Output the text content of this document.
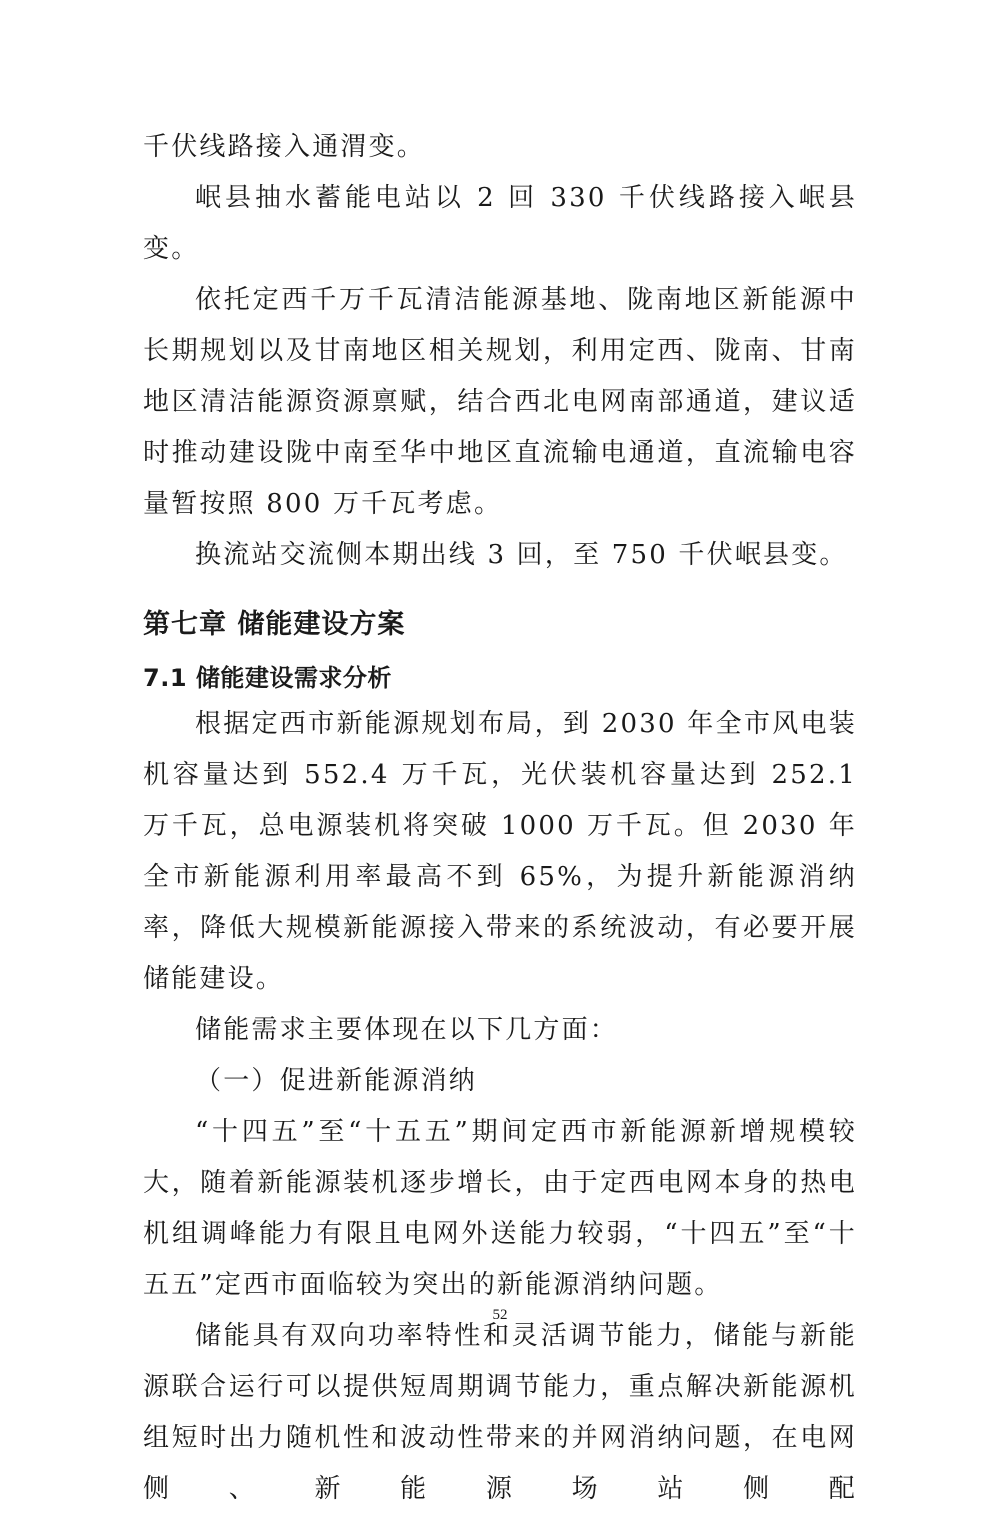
千伏线路接入通渭变。

岷县抽水蓄能电站以 2 回 330 千伏线路接入岷县变。

依托定西千万千瓦清洁能源基地、陇南地区新能源中长期规划以及甘南地区相关规划，利用定西、陇南、甘南地区清洁能源资源禀赋，结合西北电网南部通道，建议适时推动建设陇中南至华中地区直流输电通道，直流输电容量暂按照 800 万千瓦考虑。

换流站交流侧本期出线 3 回，至 750 千伏岷县变。

第七章 储能建设方案
7.1 储能建设需求分析

根据定西市新能源规划布局，到 2030 年全市风电装机容量达到 552.4 万千瓦，光伏装机容量达到 252.1 万千瓦，总电源装机将突破 1000 万千瓦。但 2030 年全市新能源利用率最高不到 65%，为提升新能源消纳率，降低大规模新能源接入带来的系统波动，有必要开展储能建设。

储能需求主要体现在以下几方面：

（一）促进新能源消纳

“十四五”至“十五五”期间定西市新能源新增规模较大，随着新能源装机逐步增长，由于定西电网本身的热电机组调峰能力有限且电网外送能力较弱，“十四五”至“十五五”定西市面临较为突出的新能源消纳问题。

储能具有双向功率特性和灵活调节能力，储能与新能源联合运行可以提供短周期调节能力，重点解决新能源机组短时出力随机性和波动性带来的并网消纳问题，在电网侧、新能源场站侧配

52
